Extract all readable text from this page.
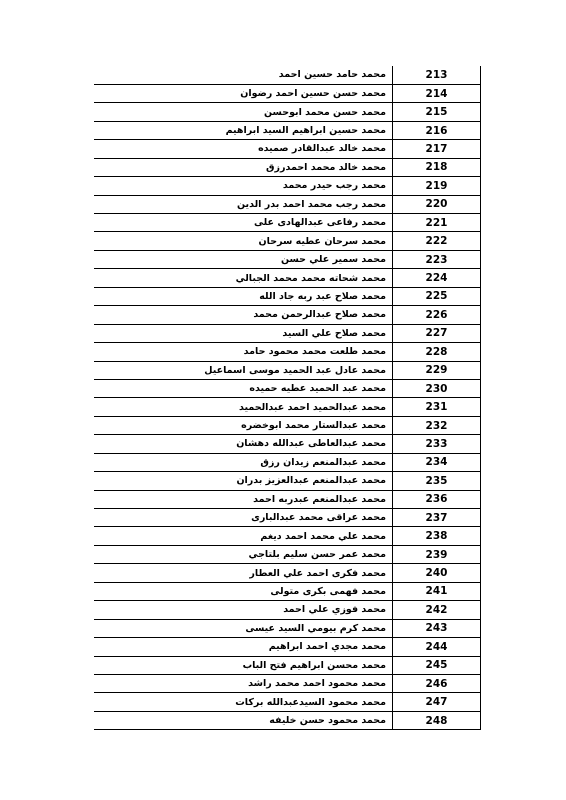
213	محمد حامد حسين احمد
214	محمد حسن حسين احمد رضوان
215	محمد حسن محمد ابوحسن
216	محمد حسين ابراهيم السيد ابراهيم
217	محمد خالد عبدالقادر صميده
218	محمد خالد محمد احمدرزق
219	محمد رجب حيدر محمد
220	محمد رجب محمد احمد بدر الدين
221	محمد رفاعى عبدالهادى على
222	محمد سرحان عطيه سرحان
223	محمد سمير علي حسن
224	محمد شحاته محمد محمد الجبالي
225	محمد صلاح عبد ربه جاد الله
226	محمد صلاح عبدالرحمن محمد
227	محمد صلاح علي السيد
228	محمد طلعت محمد محمود حامد
229	محمد عادل عبد الحميد موسى اسماعيل
230	محمد عبد الحميد عطيه حميده
231	محمد عبدالحميد احمد عبدالحميد
232	محمد عبدالستار محمد ابوخضره
233	محمد عبدالعاطى عبدالله دهشان
234	محمد عبدالمنعم زيدان رزق
235	محمد عبدالمنعم عبدالعزيز بدران
236	محمد عبدالمنعم عبدربه احمد
237	محمد عراقى محمد عبدالبارى
238	محمد علي محمد احمد ديغم
239	محمد عمر حسن سليم بلتاجي
240	محمد فكرى احمد علي العطار
241	محمد فهمى بكرى متولى
242	محمد فوزي علي احمد
243	محمد كرم بيومي السيد عيسى
244	محمد مجدي احمد ابراهيم
245	محمد محسن ابراهيم فتح الباب
246	محمد محمود احمد محمد راشد
247	محمد محمود السيدعبدالله بركات
248	محمد محمود حسن خليفه
